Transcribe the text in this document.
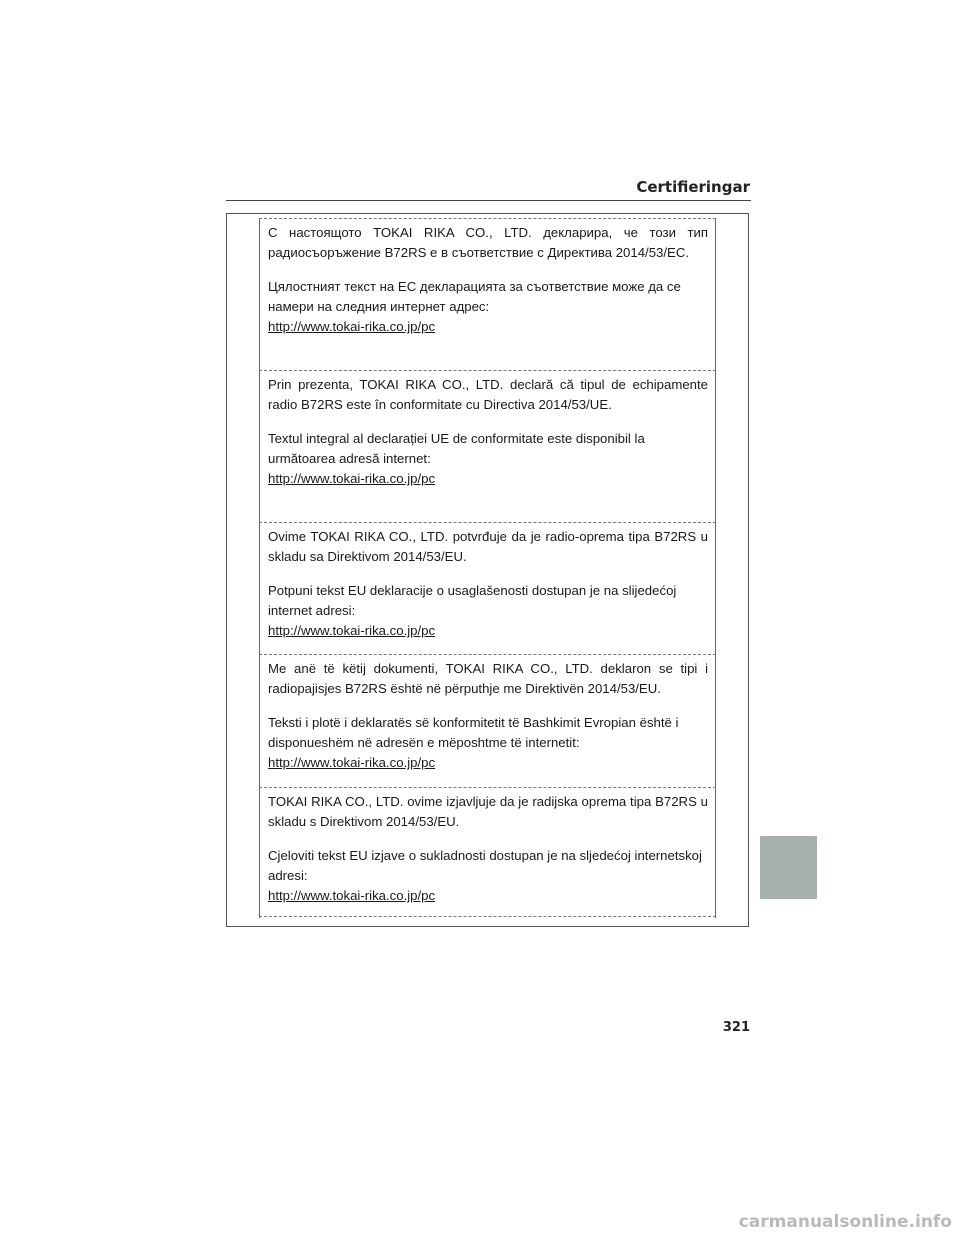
Certifieringar

С настоящото TOKAI RIKA CO., LTD. декларира, че този тип радиосъоръжение B72RS е в съответствие с Директива 2014/53/EC.

Цялостният текст на ЕС декларацията за съответствие може да се намери на следния интернет адрес:

http://www.tokai-rika.co.jp/pc

Prin prezenta, TOKAI RIKA CO., LTD. declară că tipul de echipamente radio B72RS este în conformitate cu Directiva 2014/53/UE.

Textul integral al declarației UE de conformitate este disponibil la următoarea adresă internet:

http://www.tokai-rika.co.jp/pc

Ovime TOKAI RIKA CO., LTD. potvrđuje da je radio-oprema tipa B72RS u skladu sa Direktivom 2014/53/EU.

Potpuni tekst EU deklaracije o usaglašenosti dostupan je na slijedećoj internet adresi:

http://www.tokai-rika.co.jp/pc

Me anë të këtij dokumenti, TOKAI RIKA CO., LTD. deklaron se tipi i radiopajisjes B72RS është në përputhje me Direktivën 2014/53/EU.

Teksti i plotë i deklaratës së konformitetit të Bashkimit Evropian është i disponueshëm në adresën e mëposhtme të internetit:

http://www.tokai-rika.co.jp/pc

TOKAI RIKA CO., LTD. ovime izjavljuje da je radijska oprema tipa B72RS u skladu s Direktivom 2014/53/EU.

Cjeloviti tekst EU izjave o sukladnosti dostupan je na sljedećoj internetskoj adresi:

http://www.tokai-rika.co.jp/pc

321
carmanualsonline.info
